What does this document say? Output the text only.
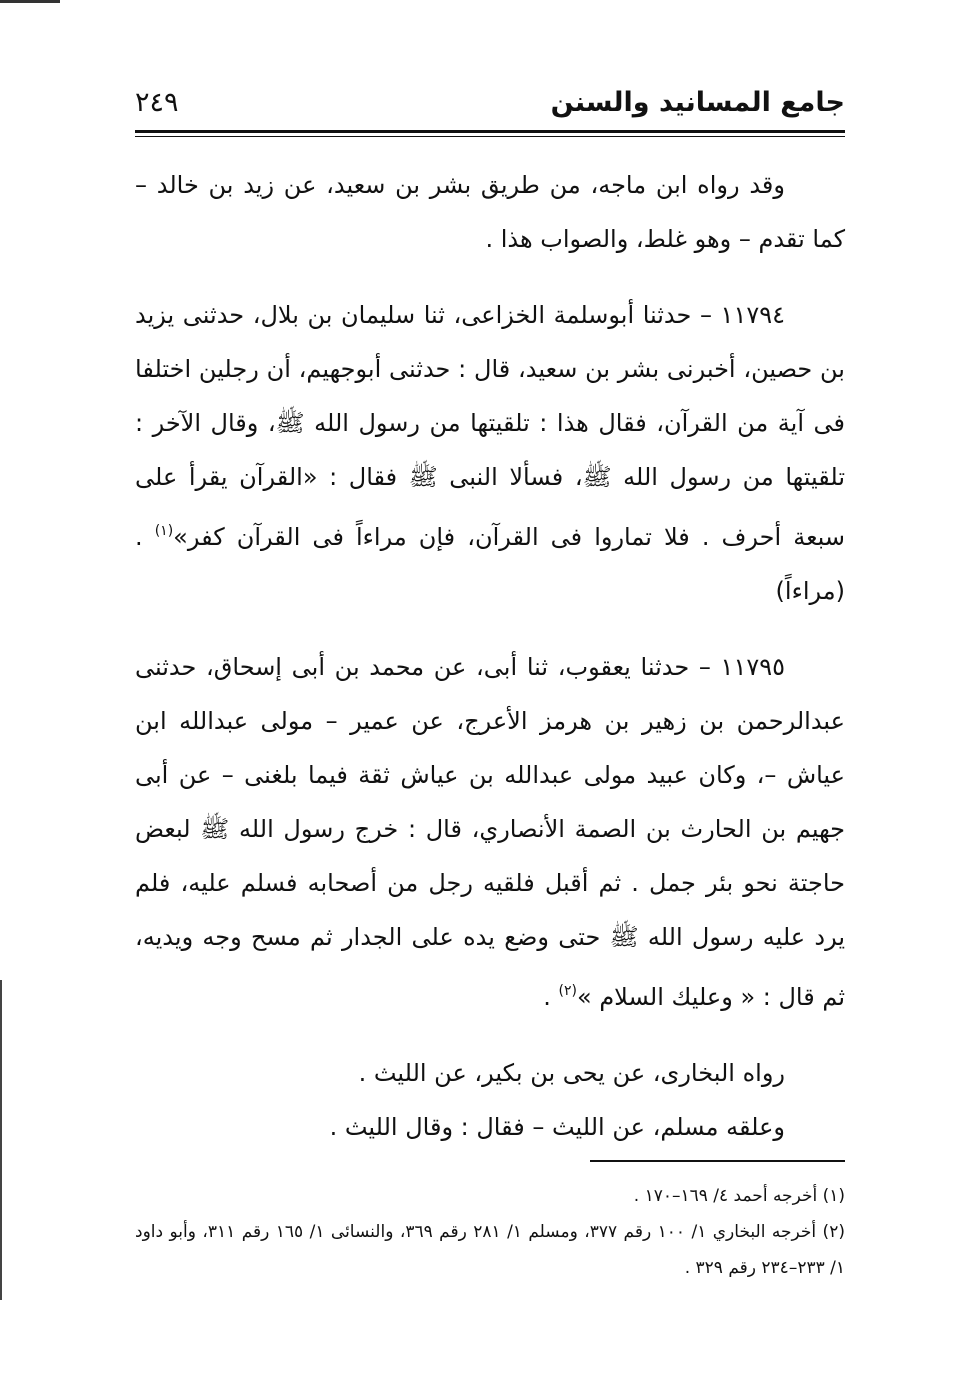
جامع المسانيد والسنن
٢٤٩

وقد رواه ابن ماجه، من طريق بشر بن سعيد، عن زيد بن خالد – كما تقدم – وهو غلط، والصواب هذا .

١١٧٩٤ – حدثنا أبوسلمة الخزاعى، ثنا سليمان بن بلال، حدثنى يزيد بن حصين، أخبرنى بشر بن سعيد، قال : حدثنى أبوجهيم، أن رجلين اختلفا فى آية من القرآن، فقال هذا : تلقيتها من رسول الله ﷺ، وقال الآخر : تلقيتها من رسول الله ﷺ، فسألا النبى ﷺ فقال : «القرآن يقرأ على سبعة أحرف . فلا تماروا فى القرآن، فإن مراءاً فى القرآن كفر»$^{(١)}$ . (مراءاً)

١١٧٩٥ – حدثنا يعقوب، ثنا أبى، عن محمد بن أبى إسحاق، حدثنى عبدالرحمن بن زهير بن هرمز الأعرج، عن عمير – مولى عبدالله ابن عياش –، وكان عبيد مولى عبدالله بن عياش ثقة فيما بلغنى – عن أبى جهيم بن الحارث بن الصمة الأنصاري، قال : خرج رسول الله ﷺ لبعض حاجتة نحو بئر جمل . ثم أقبل فلقيه رجل من أصحابه فسلم عليه، فلم يرد عليه رسول الله ﷺ حتى وضع يده على الجدار ثم مسح وجه ويديه، ثم قال : « وعليك السلام »$^{(٢)}$ .

رواه البخارى، عن يحى بن بكير، عن الليث .

وعلقه مسلم، عن الليث – فقال : وقال الليث .

(١) أخرجه أحمد ٤/ ١٦٩–١٧٠ .

(٢) أخرجه البخاري ١/ ١٠٠ رقم ٣٧٧، ومسلم ١/ ٢٨١ رقم ٣٦٩، والنسائى ١/ ١٦٥ رقم ٣١١، وأبو داود ١/ ٢٣٣–٢٣٤ رقم ٣٢٩ .
